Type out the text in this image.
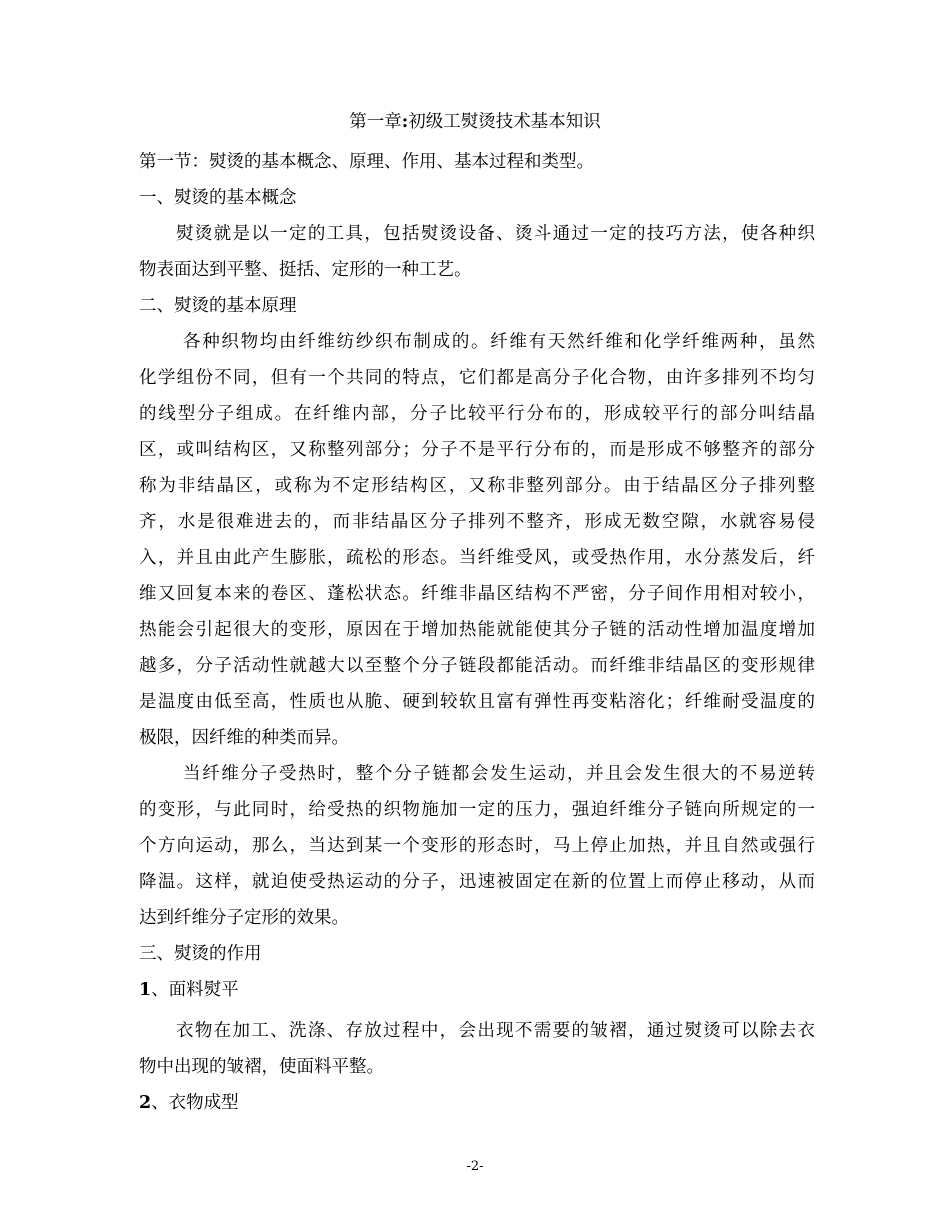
第一章:初级工熨烫技术基本知识
第一节：熨烫的基本概念、原理、作用、基本过程和类型。
一、熨烫的基本概念
熨烫就是以一定的工具，包括熨烫设备、烫斗通过一定的技巧方法，使各种织
物表面达到平整、挺括、定形的一种工艺。
二、熨烫的基本原理
各种织物均由纤维纺纱织布制成的。纤维有天然纤维和化学纤维两种，虽然
化学组份不同，但有一个共同的特点，它们都是高分子化合物，由许多排列不均匀
的线型分子组成。在纤维内部，分子比较平行分布的，形成较平行的部分叫结晶
区，或叫结构区，又称整列部分；分子不是平行分布的，而是形成不够整齐的部分
称为非结晶区，或称为不定形结构区，又称非整列部分。由于结晶区分子排列整
齐，水是很难进去的，而非结晶区分子排列不整齐，形成无数空隙，水就容易侵
入，并且由此产生膨胀，疏松的形态。当纤维受风，或受热作用，水分蒸发后，纤
维又回复本来的卷区、蓬松状态。纤维非晶区结构不严密，分子间作用相对较小，
热能会引起很大的变形，原因在于增加热能就能使其分子链的活动性增加温度增加
越多，分子活动性就越大以至整个分子链段都能活动。而纤维非结晶区的变形规律
是温度由低至高，性质也从脆、硬到较软且富有弹性再变粘溶化；纤维耐受温度的
极限，因纤维的种类而异。
当纤维分子受热时，整个分子链都会发生运动，并且会发生很大的不易逆转
的变形，与此同时，给受热的织物施加一定的压力，强迫纤维分子链向所规定的一
个方向运动，那么，当达到某一个变形的形态时，马上停止加热，并且自然或强行
降温。这样，就迫使受热运动的分子，迅速被固定在新的位置上而停止移动，从而
达到纤维分子定形的效果。
三、熨烫的作用
1、面料熨平
衣物在加工、洗涤、存放过程中，会出现不需要的皱褶，通过熨烫可以除去衣
物中出现的皱褶，使面料平整。
2、衣物成型
-2-
